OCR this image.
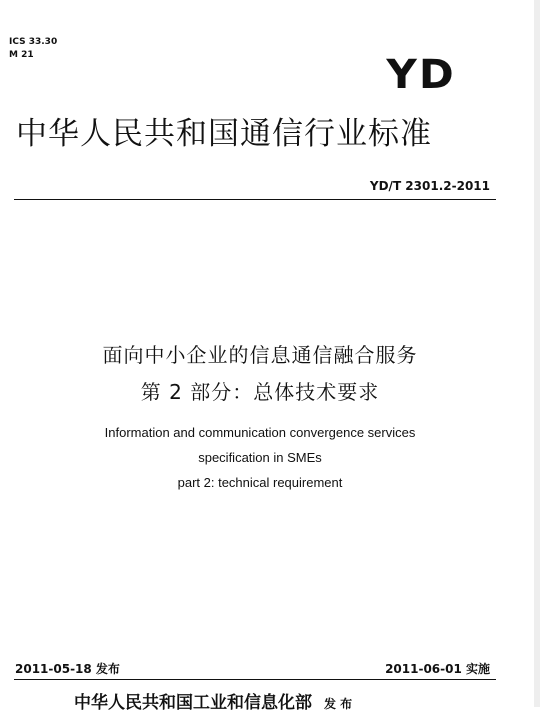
ICS 33.30
M 21	YD
中华人民共和国通信行业标准
YD/T 2301.2-2011
面向中小企业的信息通信融合服务
第 2 部分：总体技术要求
Information and communication convergence services
specification in SMEs
part 2: technical requirement
2011-05-18 发布	2011-06-01 实施
中华人民共和国工业和信息化部 发 布
